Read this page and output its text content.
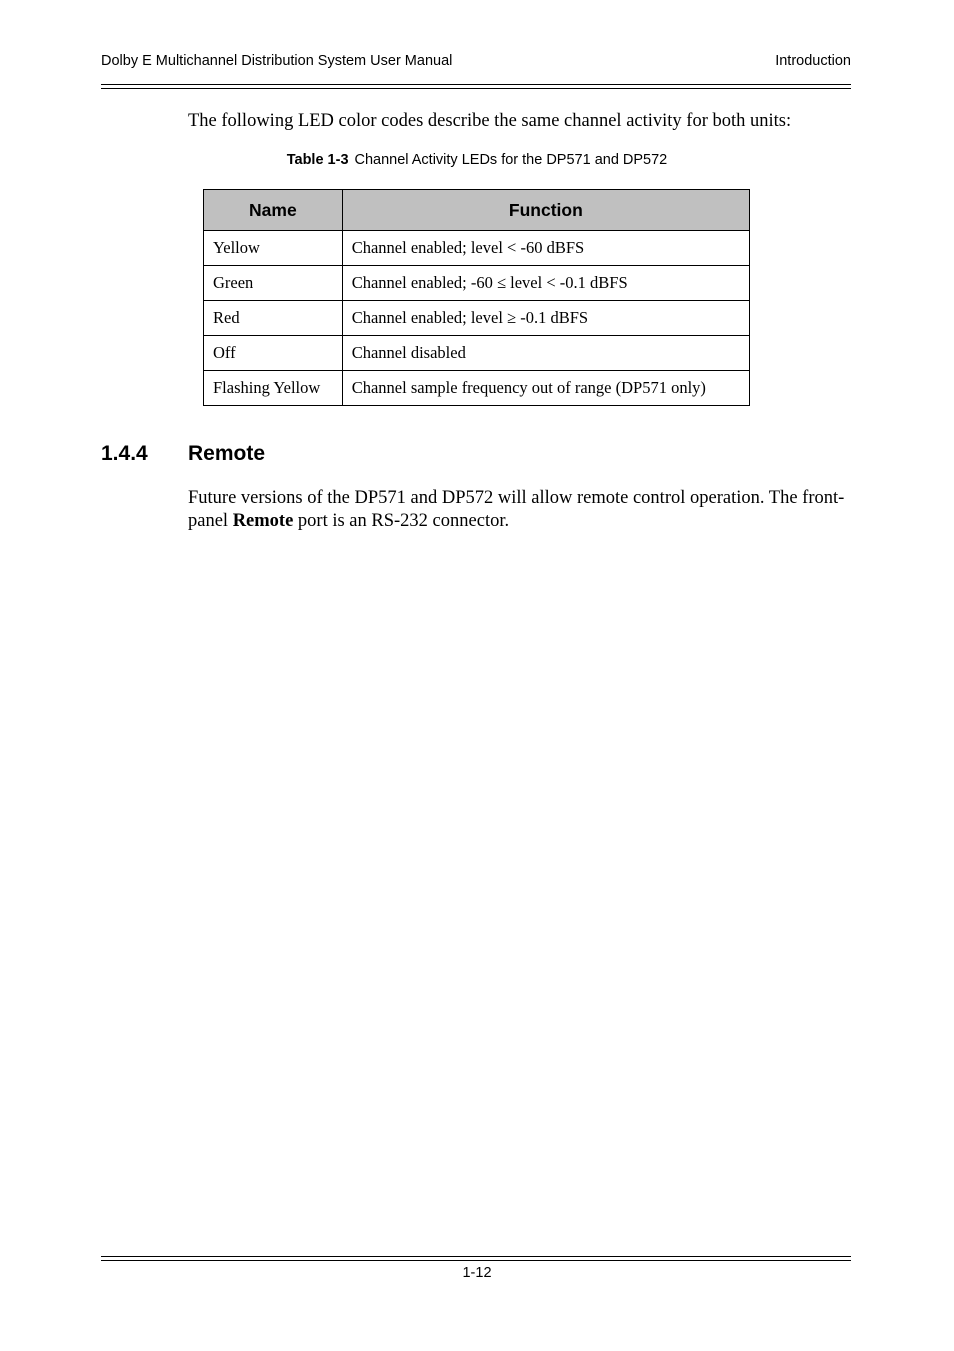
Dolby E Multichannel Distribution System User Manual	Introduction

The following LED color codes describe the same channel activity for both units:

Table 1-3 Channel Activity LEDs for the DP571 and DP572
Name	Function
Yellow	Channel enabled; level < -60 dBFS
Green	Channel enabled; -60 ≤ level < -0.1 dBFS
Red	Channel enabled; level ≥ -0.1 dBFS
Off	Channel disabled
Flashing Yellow	Channel sample frequency out of range (DP571 only)
1.4.4 Remote

Future versions of the DP571 and DP572 will allow remote control operation. The front-panel Remote port is an RS-232 connector.

1-12
